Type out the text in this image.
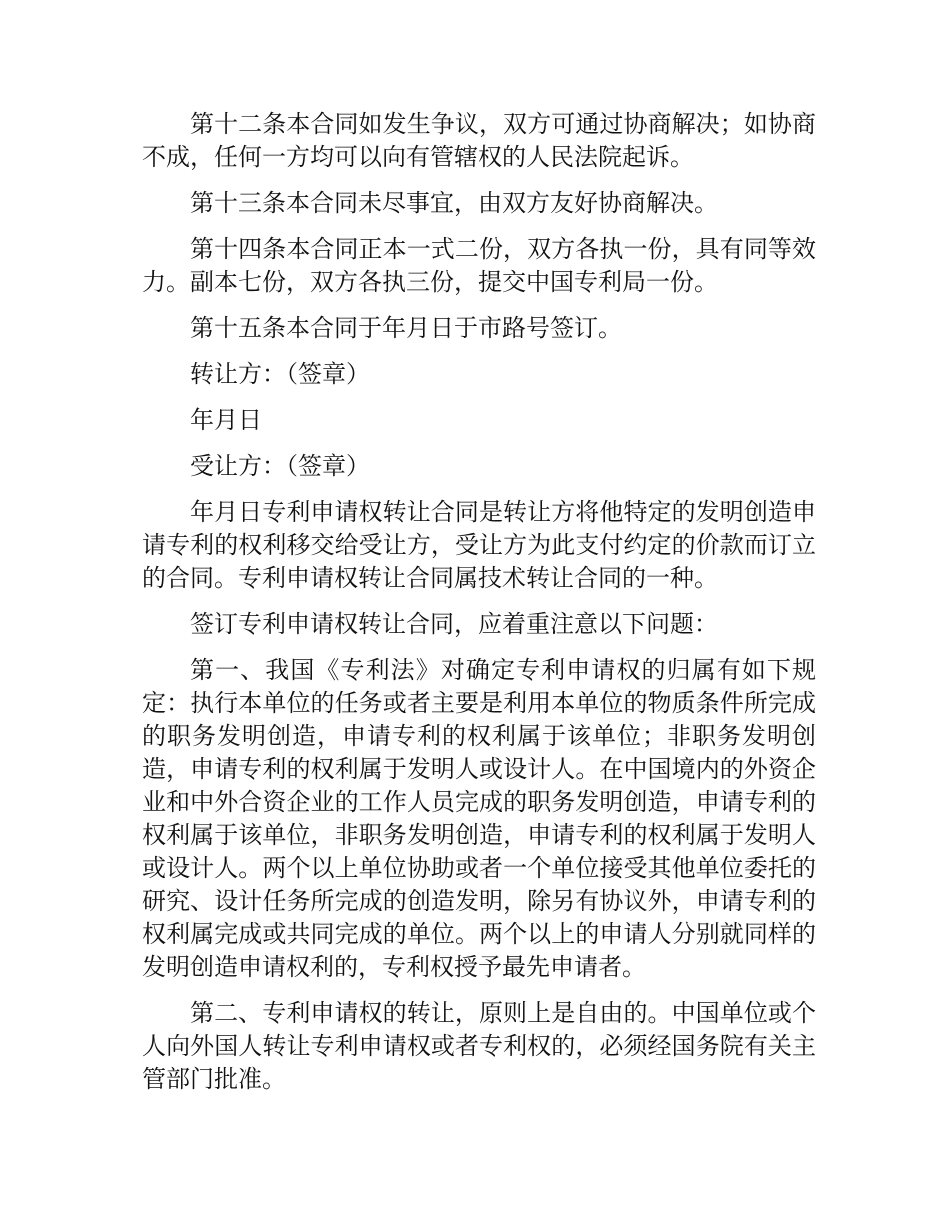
第十二条本合同如发生争议，双方可通过协商解决；如协商不成，任何一方均可以向有管辖权的人民法院起诉。

第十三条本合同未尽事宜，由双方友好协商解决。

第十四条本合同正本一式二份，双方各执一份，具有同等效力。副本七份，双方各执三份，提交中国专利局一份。

第十五条本合同于年月日于市路号签订。

转让方：（签章）

年月日

受让方：（签章）

年月日专利申请权转让合同是转让方将他特定的发明创造申请专利的权利移交给受让方，受让方为此支付约定的价款而订立的合同。专利申请权转让合同属技术转让合同的一种。

签订专利申请权转让合同，应着重注意以下问题：

第一、我国《专利法》对确定专利申请权的归属有如下规定：执行本单位的任务或者主要是利用本单位的物质条件所完成的职务发明创造，申请专利的权利属于该单位；非职务发明创造，申请专利的权利属于发明人或设计人。在中国境内的外资企业和中外合资企业的工作人员完成的职务发明创造，申请专利的权利属于该单位，非职务发明创造，申请专利的权利属于发明人或设计人。两个以上单位协助或者一个单位接受其他单位委托的研究、设计任务所完成的创造发明，除另有协议外，申请专利的权利属完成或共同完成的单位。两个以上的申请人分别就同样的发明创造申请权利的，专利权授予最先申请者。

第二、专利申请权的转让，原则上是自由的。中国单位或个人向外国人转让专利申请权或者专利权的，必须经国务院有关主管部门批准。
